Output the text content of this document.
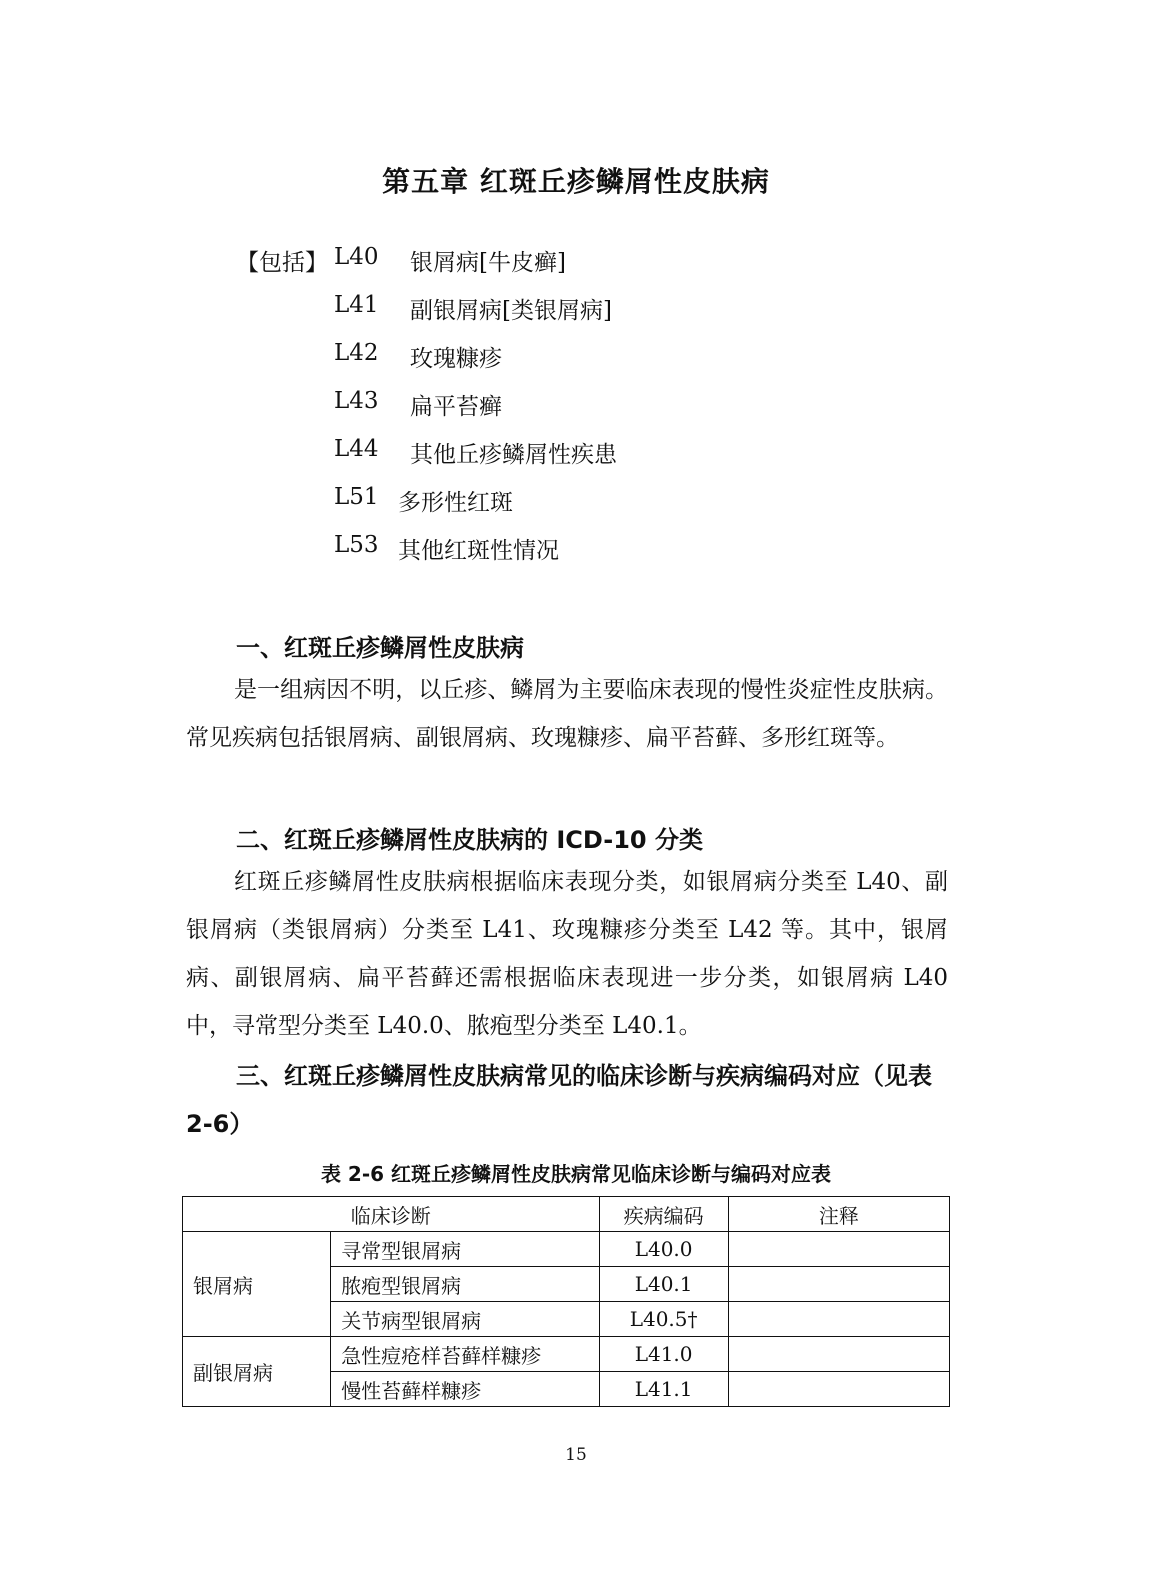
第五章 红斑丘疹鳞屑性皮肤病
【包括】 L40 银屑病[牛皮癣]
L41 副银屑病[类银屑病]
L42 玫瑰糠疹
L43 扁平苔癣
L44 其他丘疹鳞屑性疾患
L51 多形性红斑
L53 其他红斑性情况
一、红斑丘疹鳞屑性皮肤病
是一组病因不明，以丘疹、鳞屑为主要临床表现的慢性炎症性皮肤病。常见疾病包括银屑病、副银屑病、玫瑰糠疹、扁平苔藓、多形红斑等。
二、红斑丘疹鳞屑性皮肤病的 ICD-10 分类
红斑丘疹鳞屑性皮肤病根据临床表现分类，如银屑病分类至 L40、副银屑病（类银屑病）分类至 L41、玫瑰糠疹分类至 L42 等。其中，银屑病、副银屑病、扁平苔藓还需根据临床表现进一步分类，如银屑病 L40 中，寻常型分类至 L40.0、脓疱型分类至 L40.1。
三、红斑丘疹鳞屑性皮肤病常见的临床诊断与疾病编码对应（见表 2-6）
表 2-6 红斑丘疹鳞屑性皮肤病常见临床诊断与编码对应表
临床诊断		疾病编码	注释
银屑病	寻常型银屑病	L40.0	
	脓疱型银屑病	L40.1	
	关节病型银屑病	L40.5†	
副银屑病	急性痘疮样苔藓样糠疹	L41.0	
	慢性苔藓样糠疹	L41.1	
15
